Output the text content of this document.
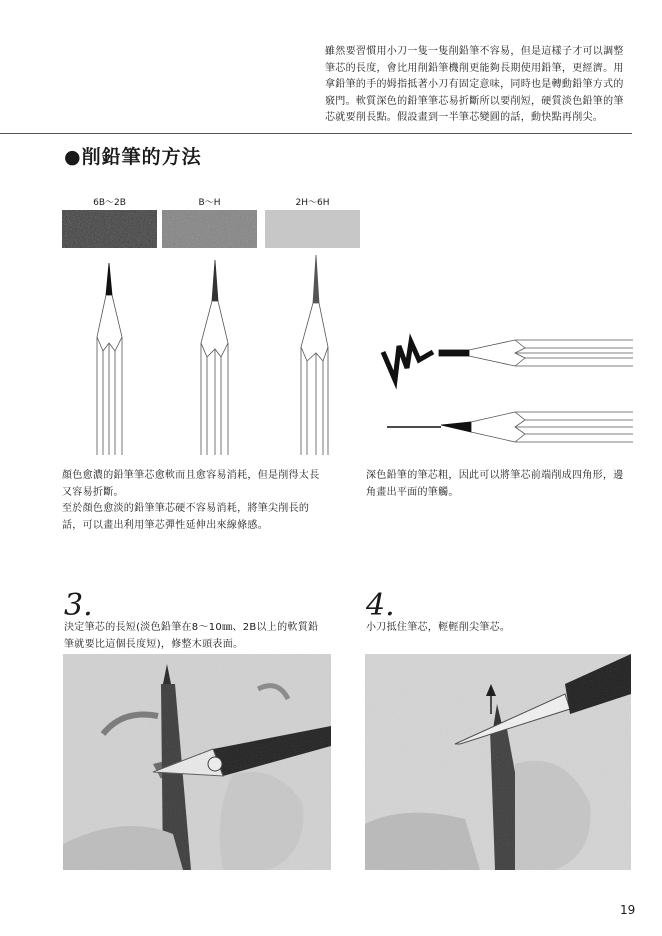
雖然要習慣用小刀一隻一隻削鉛筆不容易，但是這樣子才可以調整
筆芯的長度，會比用削鉛筆機削更能夠長期使用鉛筆，更經濟。用
拿鉛筆的手的姆指抵著小刀有固定意味，同時也是轉動鉛筆方式的
竅門。軟質深色的鉛筆筆芯易折斷所以要削短，硬質淡色鉛筆的筆
芯就要削長點。假設畫到一半筆芯變圓的話，動快點再削尖。
●削鉛筆的方法
6B～2B	B～H	2H～6H
顏色愈濃的鉛筆筆芯愈軟而且愈容易消耗，但是削得太長
又容易折斷。
至於顏色愈淡的鉛筆筆芯硬不容易消耗，將筆尖削長的
話，可以畫出利用筆芯彈性延伸出來線條感。
深色鉛筆的筆芯粗，因此可以將筆芯前端削成四角形，邊
角畫出平面的筆觸。
3.
決定筆芯的長短(淡色鉛筆在8～10㎜、2B以上的軟質鉛
筆就要比這個長度短)，修整木頭表面。
4.
小刀抵住筆芯，輕輕削尖筆芯。
19
